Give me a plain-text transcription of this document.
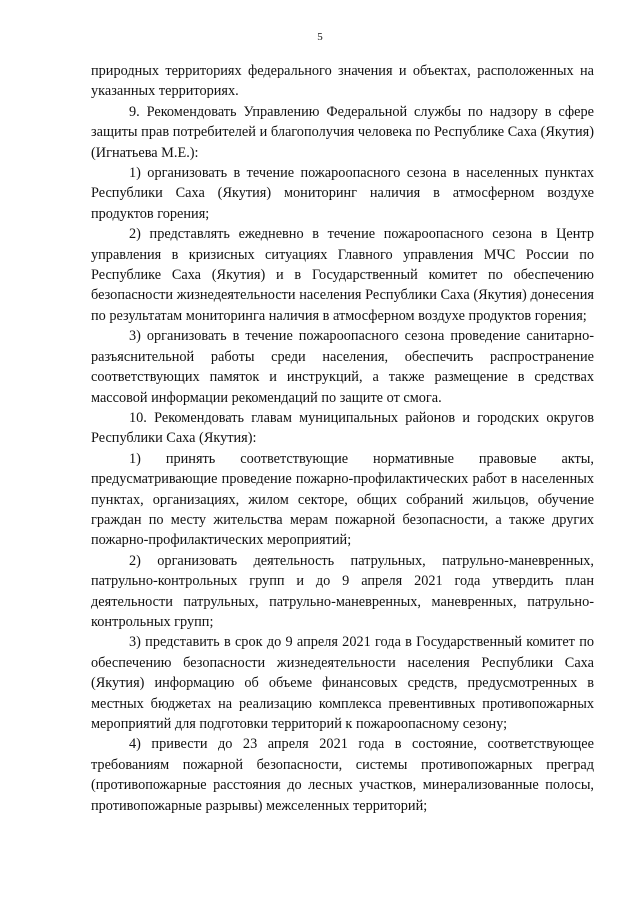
5

природных территориях федерального значения и объектах, расположенных на указанных территориях.

9. Рекомендовать Управлению Федеральной службы по надзору в сфере защиты прав потребителей и благополучия человека по Республике Саха (Якутия) (Игнатьева М.Е.):

1) организовать в течение пожароопасного сезона в населенных пунктах Республики Саха (Якутия) мониторинг наличия в атмосферном воздухе продуктов горения;

2) представлять ежедневно в течение пожароопасного сезона в Центр управления в кризисных ситуациях Главного управления МЧС России по Республике Саха (Якутия) и в Государственный комитет по обеспечению безопасности жизнедеятельности населения Республики Саха (Якутия) донесения по результатам мониторинга наличия в атмосферном воздухе продуктов горения;

3) организовать в течение пожароопасного сезона проведение санитарно-разъяснительной работы среди населения, обеспечить распространение соответствующих памяток и инструкций, а также размещение в средствах массовой информации рекомендаций по защите от смога.

10. Рекомендовать главам муниципальных районов и городских округов Республики Саха (Якутия):

1) принять соответствующие нормативные правовые акты, предусматривающие проведение пожарно-профилактических работ в населенных пунктах, организациях, жилом секторе, общих собраний жильцов, обучение граждан по месту жительства мерам пожарной безопасности, а также других пожарно-профилактических мероприятий;

2) организовать деятельность патрульных, патрульно-маневренных, патрульно-контрольных групп и до 9 апреля 2021 года утвердить план деятельности патрульных, патрульно-маневренных, маневренных, патрульно-контрольных групп;

3) представить в срок до 9 апреля 2021 года в Государственный комитет по обеспечению безопасности жизнедеятельности населения Республики Саха (Якутия) информацию об объеме финансовых средств, предусмотренных в местных бюджетах на реализацию комплекса превентивных противопожарных мероприятий для подготовки территорий к пожароопасному сезону;

4) привести до 23 апреля 2021 года в состояние, соответствующее требованиям пожарной безопасности, системы противопожарных преград (противопожарные расстояния до лесных участков, минерализованные полосы, противопожарные разрывы) межселенных территорий;
